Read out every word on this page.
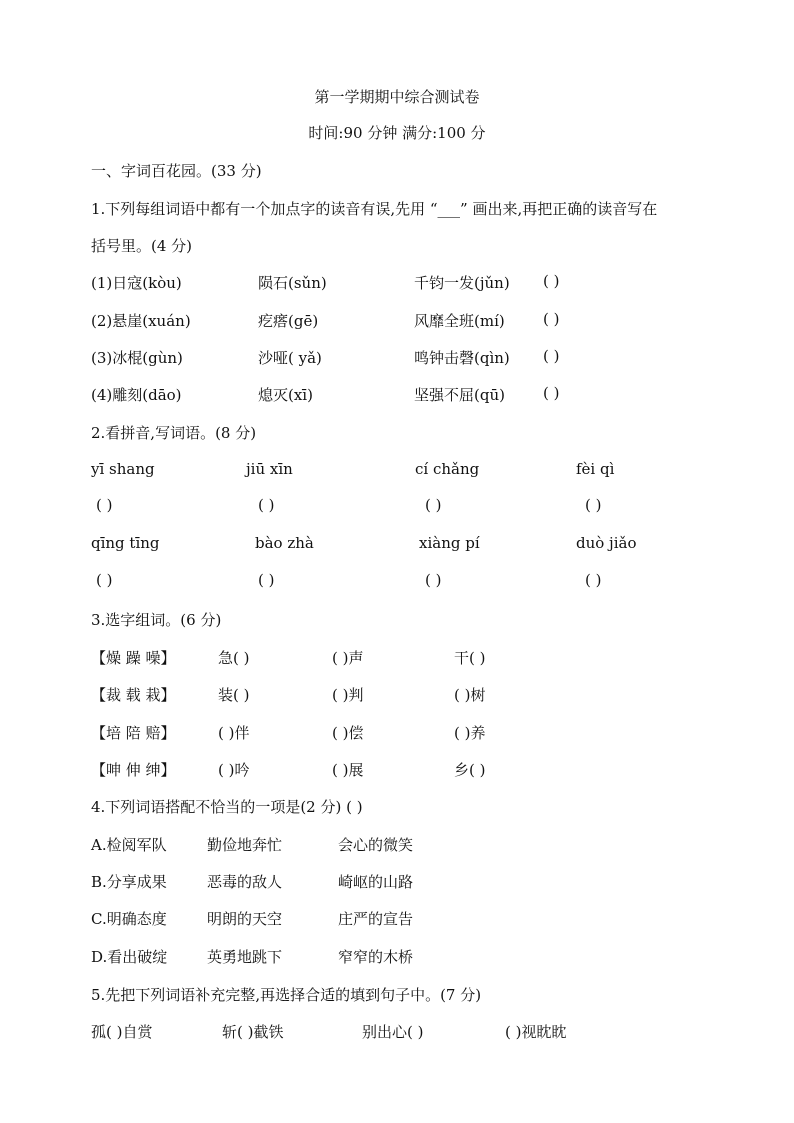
第一学期期中综合测试卷
时间:90 分钟 满分:100 分
一、字词百花园。(33 分)
1.下列每组词语中都有一个加点字的读音有误,先用 “___” 画出来,再把正确的读音写在
括号里。(4 分)
(1)日寇(kòu)	陨石(sǔn)	千钧一发(jǔn) ( )
(2)悬崖(xuán)	疙瘩(gē)	风靡全班(mí)	( )
(3)冰棍(gùn)	沙哑( yǎ)	鸣钟击磬(qìn) ( )
(4)雕刻(dāo)	熄灭(xī)	坚强不屈(qū)	( )
2.看拼音,写词语。(8 分)
yī shang	jiū xīn	cí chǎng	fèi qì
( )	( )	( )	( )
qīng tīng	bào zhà	xiàng pí	duò jiǎo
( )	( )	( )	( )
3.选字组词。(6 分)
【燥 躁 噪】	急( )	( )声	干( )
【裁 载 栽】	装( )	( )判	( )树
【培 陪 赔】	( )伴	( )偿	( )养
【呻 伸 绅】	( )吟	( )展	乡( )
4.下列词语搭配不恰当的一项是(2 分) ( )
A.检阅军队	勤俭地奔忙	会心的微笑
B.分享成果	恶毒的敌人	崎岖的山路
C.明确态度	明朗的天空	庄严的宣告
D.看出破绽	英勇地跳下	窄窄的木桥
5.先把下列词语补充完整,再选择合适的填到句子中。(7 分)
孤( )自赏	斩( )截铁	别出心( )	( )视眈眈
